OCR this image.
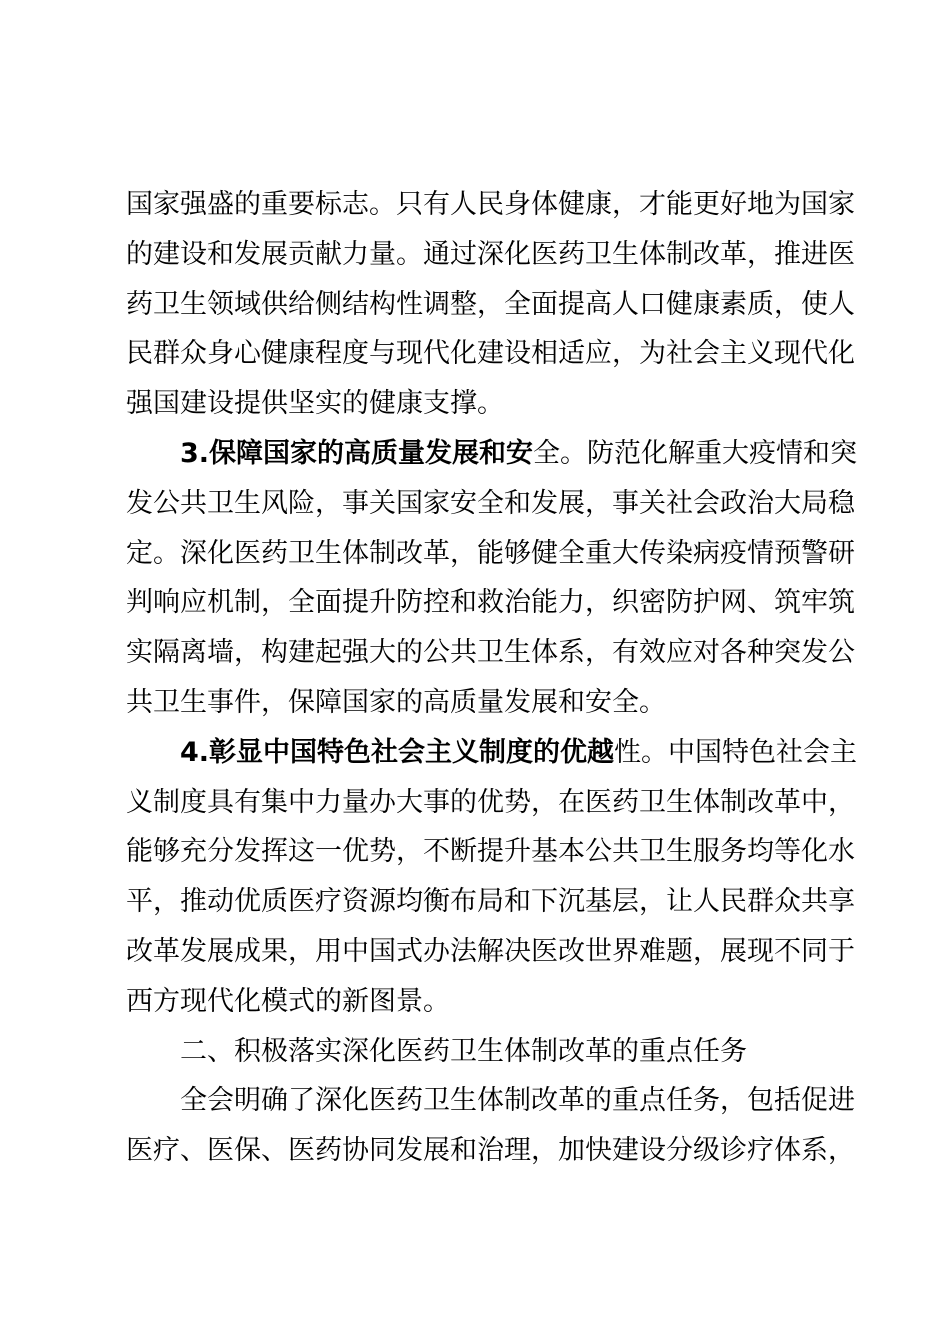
国家强盛的重要标志。只有人民身体健康，才能更好地为国家
的建设和发展贡献力量。通过深化医药卫生体制改革，推进医
药卫生领域供给侧结构性调整，全面提高人口健康素质，使人
民群众身心健康程度与现代化建设相适应，为社会主义现代化
强国建设提供坚实的健康支撑。
3.保障国家的高质量发展和安全。防范化解重大疫情和突
发公共卫生风险，事关国家安全和发展，事关社会政治大局稳
定。深化医药卫生体制改革，能够健全重大传染病疫情预警研
判响应机制，全面提升防控和救治能力，织密防护网、筑牢筑
实隔离墙，构建起强大的公共卫生体系，有效应对各种突发公
共卫生事件，保障国家的高质量发展和安全。
4.彰显中国特色社会主义制度的优越性。中国特色社会主
义制度具有集中力量办大事的优势，在医药卫生体制改革中，
能够充分发挥这一优势，不断提升基本公共卫生服务均等化水
平，推动优质医疗资源均衡布局和下沉基层，让人民群众共享
改革发展成果，用中国式办法解决医改世界难题，展现不同于
西方现代化模式的新图景。
二、积极落实深化医药卫生体制改革的重点任务
全会明确了深化医药卫生体制改革的重点任务，包括促进
医疗、医保、医药协同发展和治理，加快建设分级诊疗体系，
